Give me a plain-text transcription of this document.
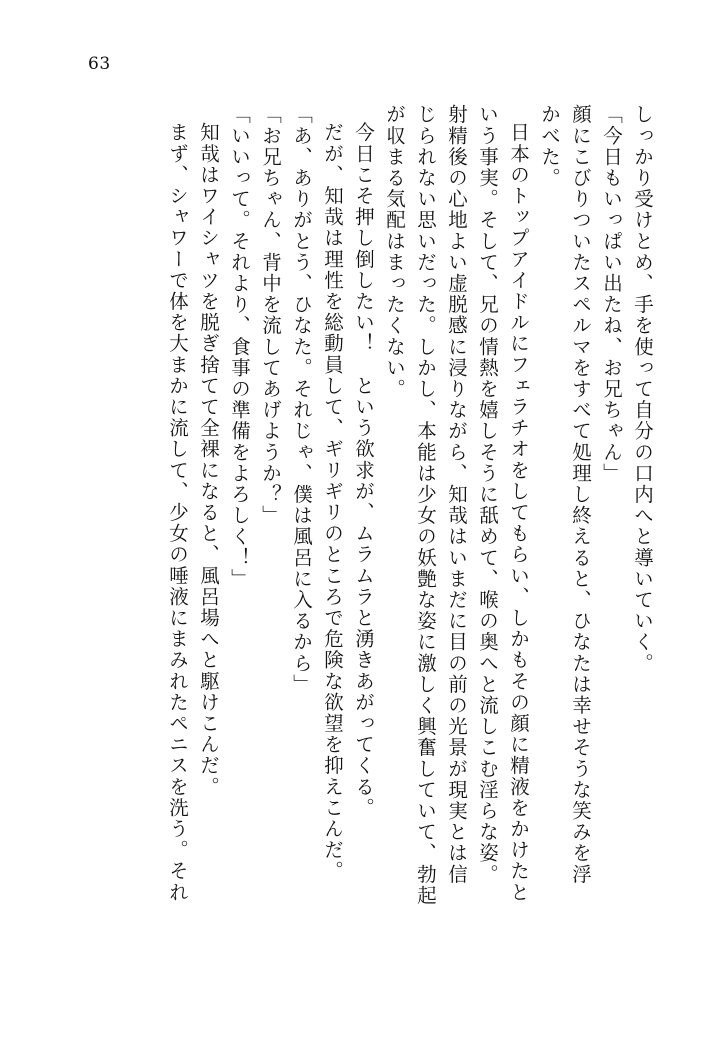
63
しっかり受けとめ、手を使って自分の口内へと導いていく。
「今日もいっぱい出たね、お兄ちゃん」
顔にこびりついたスペルマをすべて処理し終えると、ひなたは幸せそうな笑みを浮
かべた。
日本のトップアイドルにフェラチオをしてもらい、しかもその顔に精液をかけたと
いう事実。そして、兄の情熱を嬉しそうに舐めて、喉の奥へと流しこむ淫らな姿。
射精後の心地よい虚脱感に浸りながら、知哉はいまだに目の前の光景が現実とは信
じられない思いだった。しかし、本能は少女の妖艶な姿に激しく興奮していて、勃起
が収まる気配はまったくない。
今日こそ押し倒したい！　という欲求が、ムラムラと湧きあがってくる。
だが、知哉は理性を総動員して、ギリギリのところで危険な欲望を抑えこんだ。
「あ、ありがとう、ひなた。それじゃ、僕は風呂に入るから」
「お兄ちゃん、背中を流してあげようか？」
「いいって。それより、食事の準備をよろしく！」
知哉はワイシャツを脱ぎ捨てて全裸になると、風呂場へと駆けこんだ。
まず、シャワーで体を大まかに流して、少女の唾液にまみれたペニスを洗う。それ
